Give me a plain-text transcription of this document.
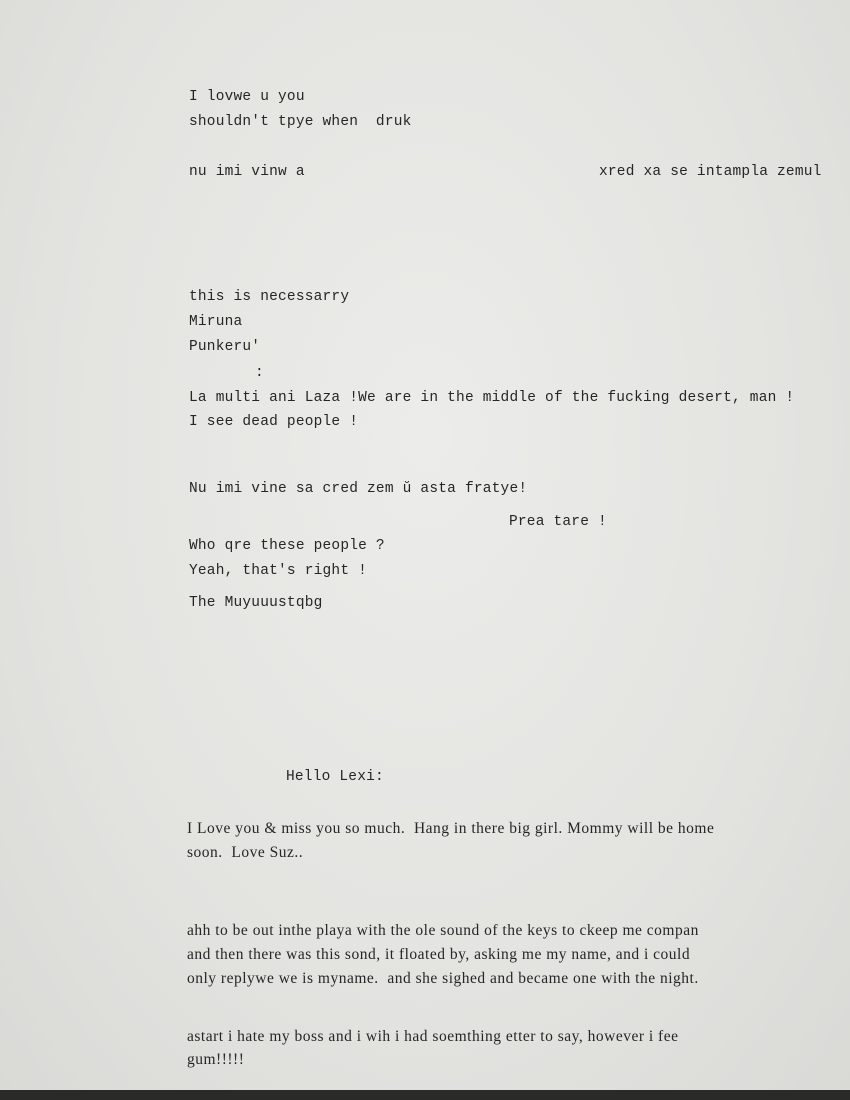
I lovwe u you
shouldn't tpye when  druk
nu imi vinw a	xred xa se intampla zemul
this is necessarry
Miruna
Punkeru'
:
La multi ani Laza !We are in the middle of the fucking desert, man !
I see dead people !
Nu imi vine sa cred zem ŭ asta fratye!
Prea tare !
Who qre these people ?
Yeah, that's right !
The Muyuuustqbg
Hello Lexi:
I Love you & miss you so much.  Hang in there big girl. Mommy will be home
soon.  Love Suz..
ahh to be out inthe playa with the ole sound of the keys to ckeep me compan
and then there was this sond, it floated by, asking me my name, and i could
only replywe we is myname.  and she sighed and became one with the night.
astart i hate my boss and i wih i had soemthing etter to say, however i fee
gum!!!!!
